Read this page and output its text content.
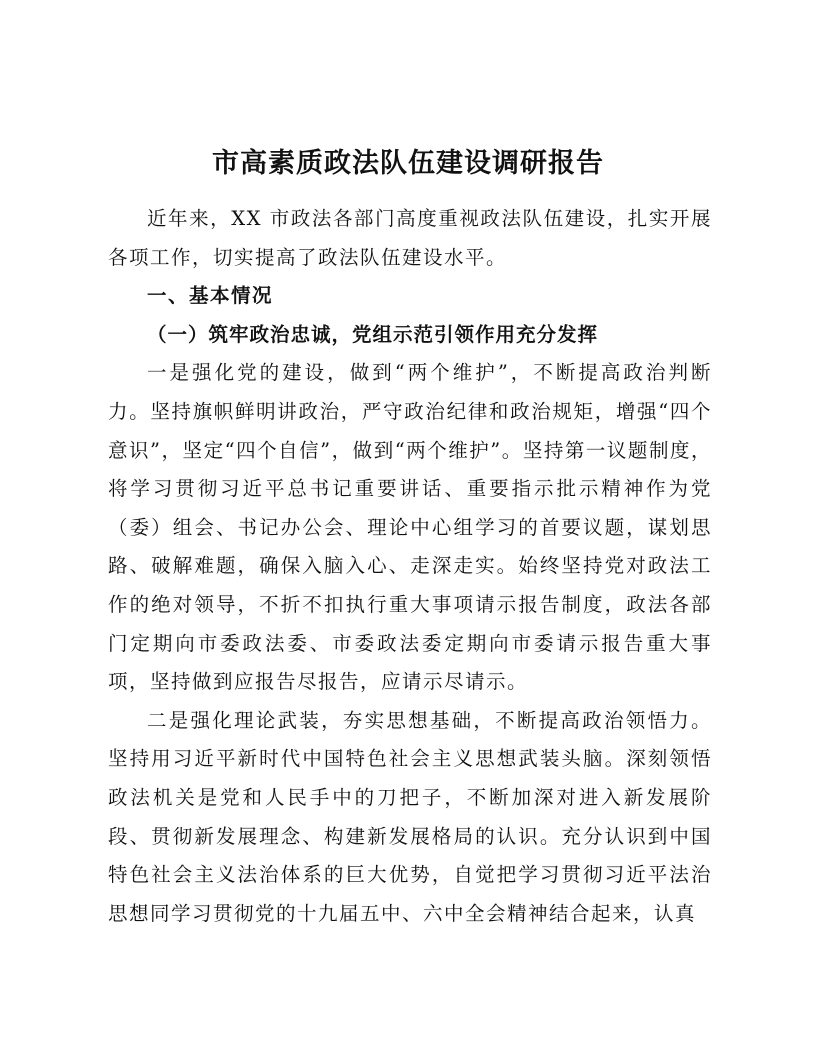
市高素质政法队伍建设调研报告

近年来，XX 市政法各部门高度重视政法队伍建设，扎实开展各项工作，切实提高了政法队伍建设水平。

一、基本情况

（一）筑牢政治忠诚，党组示范引领作用充分发挥

一是强化党的建设，做到“两个维护”，不断提高政治判断力。坚持旗帜鲜明讲政治，严守政治纪律和政治规矩，增强“四个意识”，坚定“四个自信”，做到“两个维护”。坚持第一议题制度，将学习贯彻习近平总书记重要讲话、重要指示批示精神作为党（委）组会、书记办公会、理论中心组学习的首要议题，谋划思路、破解难题，确保入脑入心、走深走实。始终坚持党对政法工作的绝对领导，不折不扣执行重大事项请示报告制度，政法各部门定期向市委政法委、市委政法委定期向市委请示报告重大事项，坚持做到应报告尽报告，应请示尽请示。

二是强化理论武装，夯实思想基础，不断提高政治领悟力。坚持用习近平新时代中国特色社会主义思想武装头脑。深刻领悟政法机关是党和人民手中的刀把子，不断加深对进入新发展阶段、贯彻新发展理念、构建新发展格局的认识。充分认识到中国特色社会主义法治体系的巨大优势，自觉把学习贯彻习近平法治思想同学习贯彻党的十九届五中、六中全会精神结合起来，认真
